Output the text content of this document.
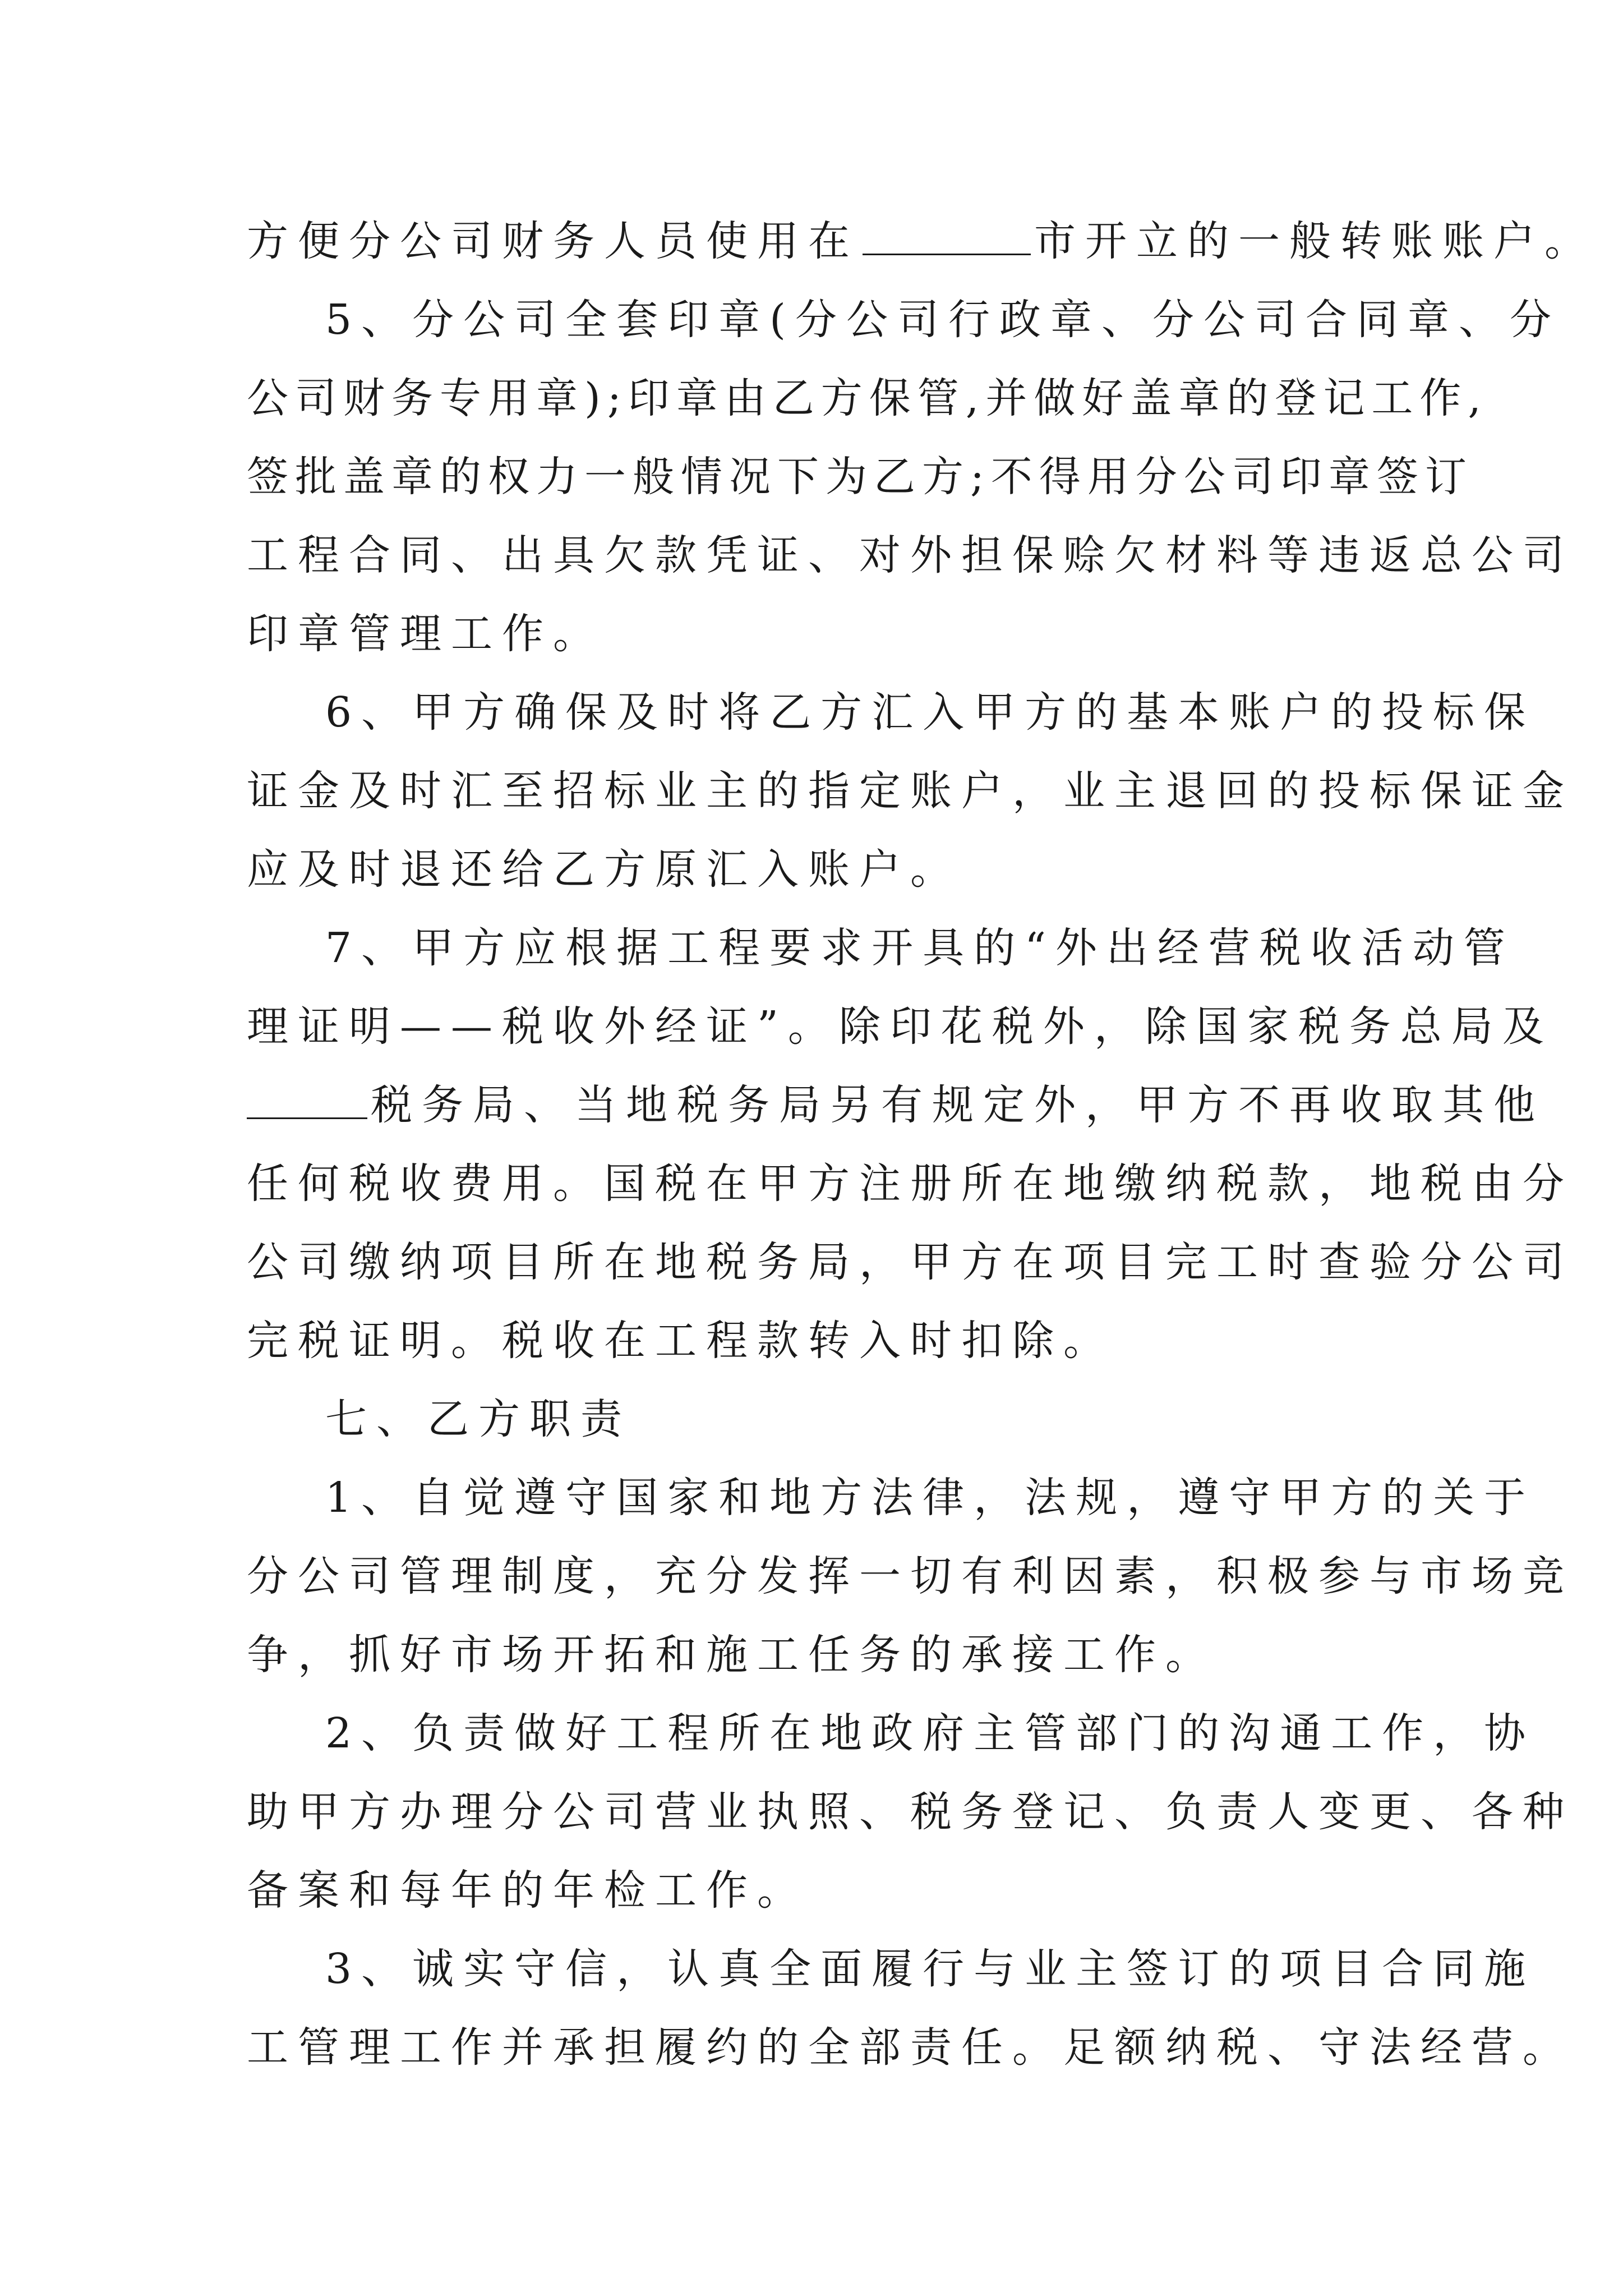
方便分公司财务人员使用在	市开立的一般转账账户。
5、分公司全套印章(分公司行政章、分公司合同章、分
公司财务专用章);印章由乙方保管,并做好盖章的登记工作,
签批盖章的权力一般情况下为乙方;不得用分公司印章签订
工程合同、出具欠款凭证、对外担保赊欠材料等违返总公司
印章管理工作。
6、甲方确保及时将乙方汇入甲方的基本账户的投标保
证金及时汇至招标业主的指定账户，业主退回的投标保证金
应及时退还给乙方原汇入账户。
7、甲方应根据工程要求开具的“外出经营税收活动管
理证明——税收外经证”。除印花税外，除国家税务总局及
税务局、当地税务局另有规定外，甲方不再收取其他
任何税收费用。国税在甲方注册所在地缴纳税款，地税由分
公司缴纳项目所在地税务局，甲方在项目完工时查验分公司
完税证明。税收在工程款转入时扣除。
七、乙方职责
1、自觉遵守国家和地方法律，法规，遵守甲方的关于
分公司管理制度，充分发挥一切有利因素，积极参与市场竞
争，抓好市场开拓和施工任务的承接工作。
2、负责做好工程所在地政府主管部门的沟通工作，协
助甲方办理分公司营业执照、税务登记、负责人变更、各种
备案和每年的年检工作。
3、诚实守信，认真全面履行与业主签订的项目合同施
工管理工作并承担履约的全部责任。足额纳税、守法经营。
